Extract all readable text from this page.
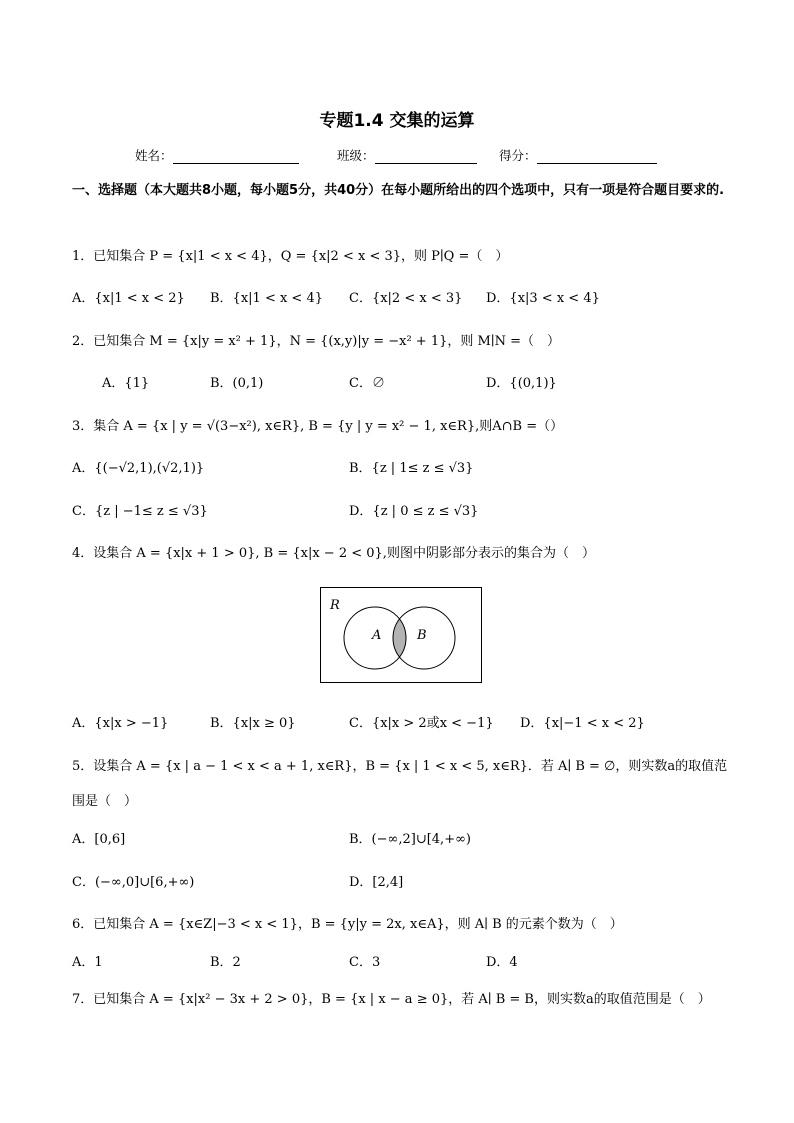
专题1.4 交集的运算
姓名：	班级：	得分：
一、选择题（本大题共8小题，每小题5分，共40分）在每小题所给出的四个选项中，只有一项是符合题目要求的.
1．已知集合 P = {x|1 < x < 4}，Q = {x|2 < x < 3}，则 P∣Q =（　）
A．{x|1 < x < 2} B．{x|1 < x < 4} C．{x|2 < x < 3} D．{x|3 < x < 4}
2．已知集合 M = {x|y = x² + 1}，N = {(x,y)|y = −x² + 1}，则 M∣N =（　）
A．{1}	B．(0,1)	C．∅	D．{(0,1)}
3．集合 A = {x | y = √(3−x²), x∈R}, B = {y | y = x² − 1, x∈R},则A∩B =（）
A．{(−√2,1),(√2,1)}	B．{z | 1≤ z ≤ √3}
C．{z | −1≤ z ≤ √3}	D．{z | 0 ≤ z ≤ √3}
4．设集合 A = {x|x + 1 > 0}, B = {x|x − 2 < 0},则图中阴影部分表示的集合为（　）
R
A	B
A．{x|x > −1}	B．{x|x ≥ 0}	C．{x|x > 2或x < −1} D．{x|−1 < x < 2}
5．设集合 A = {x | a − 1 < x < a + 1, x∈R}，B = {x | 1 < x < 5, x∈R}．若 A∣ B = ∅，则实数a的取值范
围是（　）
A．[0,6]	B．(−∞,2]∪[4,+∞)
C．(−∞,0]∪[6,+∞)	D．[2,4]
6．已知集合 A = {x∈Z|−3 < x < 1}，B = {y|y = 2x, x∈A}，则 A∣ B 的元素个数为（　）
A．1	B．2	C．3	D．4
7．已知集合 A = {x|x² − 3x + 2 > 0}，B = {x | x − a ≥ 0}，若 A∣ B = B，则实数a的取值范围是（　）
